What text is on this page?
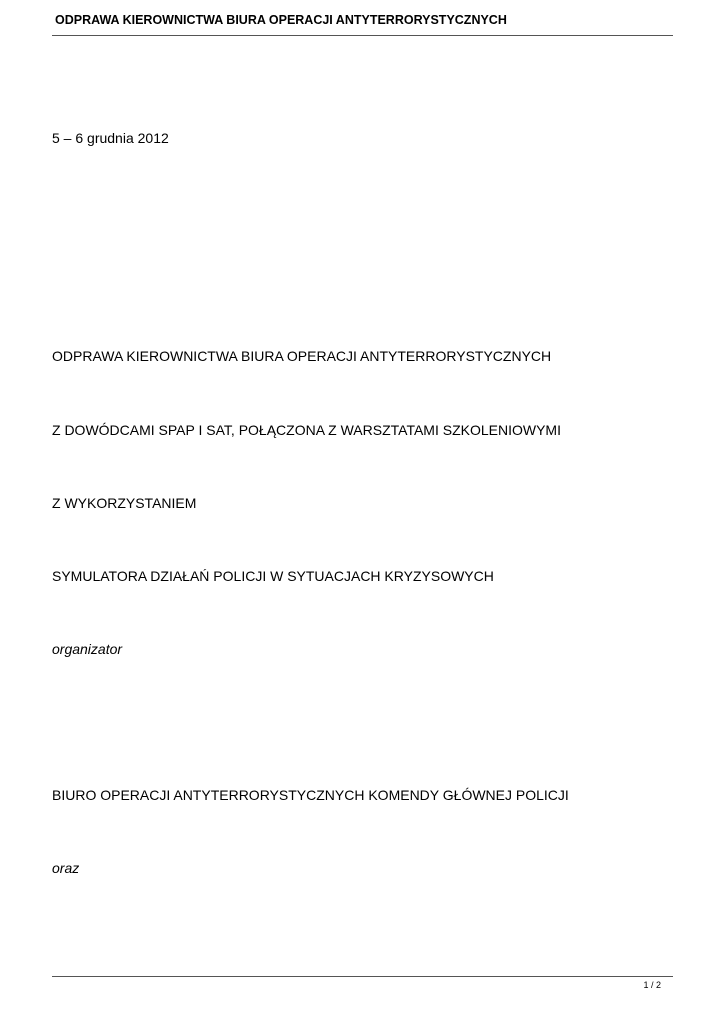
ODPRAWA KIEROWNICTWA BIURA OPERACJI ANTYTERRORYSTYCZNYCH
5 – 6 grudnia 2012
ODPRAWA KIEROWNICTWA BIURA OPERACJI ANTYTERRORYSTYCZNYCH
Z DOWÓDCAMI SPAP I SAT, POŁĄCZONA Z WARSZTATAMI SZKOLENIOWYMI
Z WYKORZYSTANIEM
SYMULATORA DZIAŁAŃ POLICJI W SYTUACJACH KRYZYSOWYCH
organizator
BIURO OPERACJI ANTYTERRORYSTYCZNYCH KOMENDY GŁÓWNEJ POLICJI
oraz
1 / 2
